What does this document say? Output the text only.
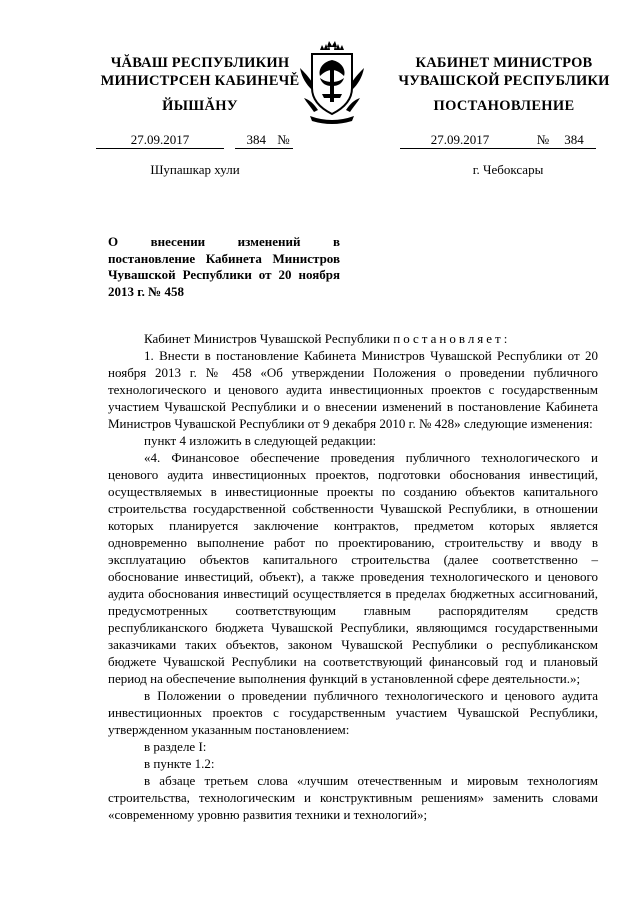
ЧĂВАШ РЕСПУБЛИКИН
МИНИСТРСЕН КАБИНЕЧĚ
ЙЫШĂНУ
27.09.2017	384 №
Шупашкар хули
КАБИНЕТ МИНИСТРОВ
ЧУВАШСКОЙ РЕСПУБЛИКИ
ПОСТАНОВЛЕНИЕ
27.09.2017	№ 384
г. Чебоксары
О внесении изменений в постановление Кабинета Министров Чувашской Республики от 20 ноября 2013 г. № 458

Кабинет Министров Чувашской Республики постановляет:

1. Внести в постановление Кабинета Министров Чувашской Республики от 20 ноября 2013 г. № 458 «Об утверждении Положения о проведении публичного технологического и ценового аудита инвестиционных проектов с государственным участием Чувашской Республики и о внесении изменений в постановление Кабинета Министров Чувашской Республики от 9 декабря 2010 г. № 428» следующие изменения:

пункт 4 изложить в следующей редакции:

«4. Финансовое обеспечение проведения публичного технологического и ценового аудита инвестиционных проектов, подготовки обоснования инвестиций, осуществляемых в инвестиционные проекты по созданию объектов капитального строительства государственной собственности Чувашской Республики, в отношении которых планируется заключение контрактов, предметом которых является одновременно выполнение работ по проектированию, строительству и вводу в эксплуатацию объектов капитального строительства (далее соответственно – обоснование инвестиций, объект), а также проведения технологического и ценового аудита обоснования инвестиций осуществляется в пределах бюджетных ассигнований, предусмотренных соответствующим главным распорядителям средств республиканского бюджета Чувашской Республики, являющимся государственными заказчиками таких объектов, законом Чувашской Республики о республиканском бюджете Чувашской Республики на соответствующий финансовый год и плановый период на обеспечение выполнения функций в установленной сфере деятельности.»;

в Положении о проведении публичного технологического и ценового аудита инвестиционных проектов с государственным участием Чувашской Республики, утвержденном указанным постановлением:

в разделе I:

в пункте 1.2:

в абзаце третьем слова «лучшим отечественным и мировым технологиям строительства, технологическим и конструктивным решениям» заменить словами «современному уровню развития техники и технологий»;
